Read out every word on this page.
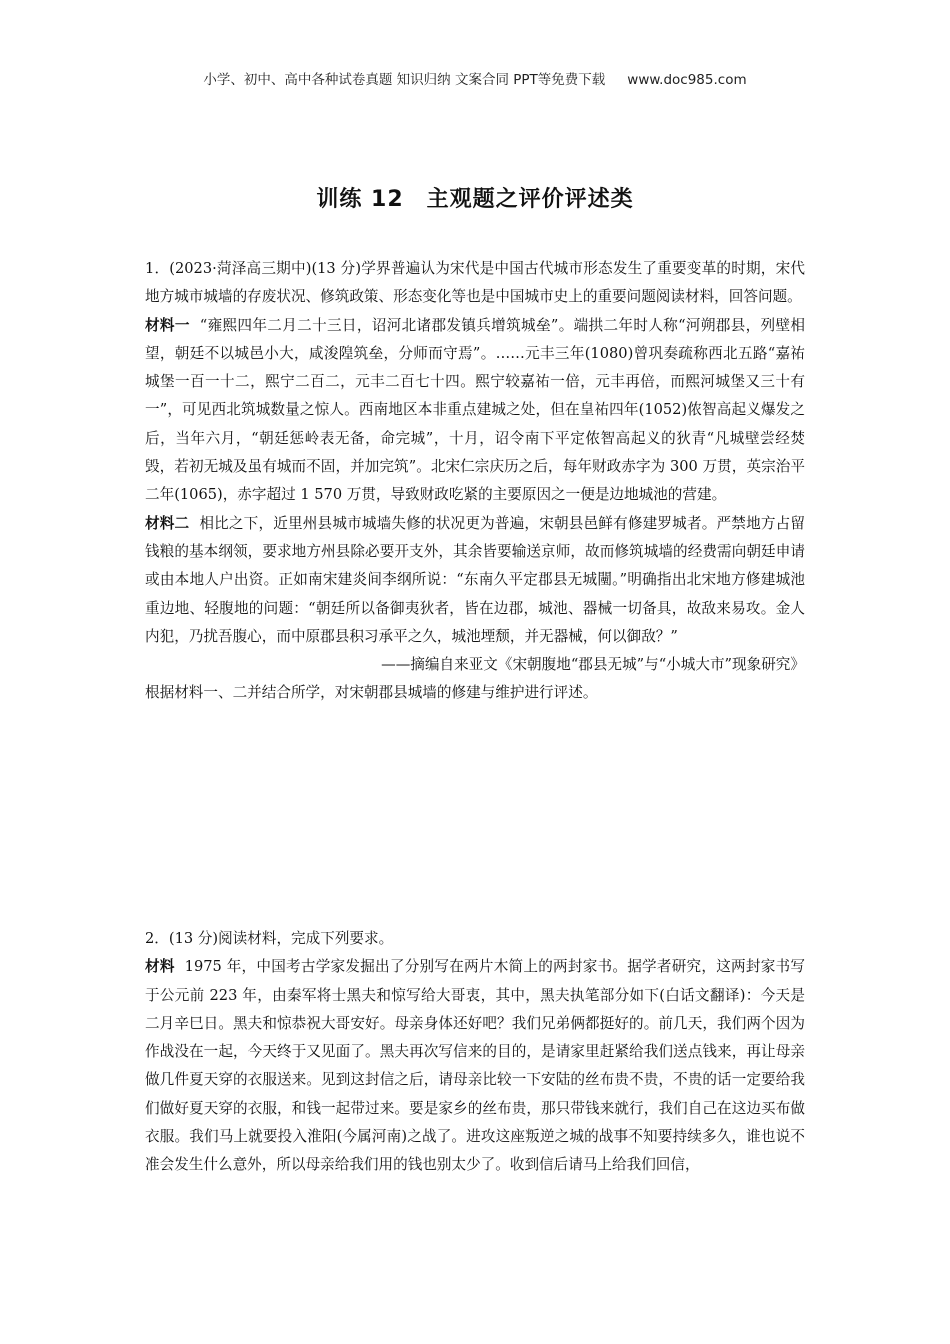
小学、初中、高中各种试卷真题 知识归纳 文案合同 PPT等免费下载 www.doc985.com
训练 12　主观题之评价评述类

1．(2023·菏泽高三期中)(13 分)学界普遍认为宋代是中国古代城市形态发生了重要变革的时期，宋代地方城市城墙的存废状况、修筑政策、形态变化等也是中国城市史上的重要问题阅读材料，回答问题。

材料一 “雍熙四年二月二十三日，诏河北诸郡发镇兵增筑城垒”。端拱二年时人称“河朔郡县，列壁相望，朝廷不以城邑小大，咸浚隍筑垒，分师而守焉”。……元丰三年(1080)曾巩奏疏称西北五路“嘉祐城堡一百一十二，熙宁二百二，元丰二百七十四。熙宁较嘉祐一倍，元丰再倍，而熙河城堡又三十有一”，可见西北筑城数量之惊人。西南地区本非重点建城之处，但在皇祐四年(1052)侬智高起义爆发之后，当年六月，“朝廷惩岭表无备，命完城”，十月，诏令南下平定侬智高起义的狄青“凡城壁尝经焚毁，若初无城及虽有城而不固，并加完筑”。北宋仁宗庆历之后，每年财政赤字为 300 万贯，英宗治平二年(1065)，赤字超过 1 570 万贯，导致财政吃紧的主要原因之一便是边地城池的营建。

材料二 相比之下，近里州县城市城墙失修的状况更为普遍，宋朝县邑鲜有修建罗城者。严禁地方占留钱粮的基本纲领，要求地方州县除必要开支外，其余皆要输送京师，故而修筑城墙的经费需向朝廷申请或由本地人户出资。正如南宋建炎间李纲所说：“东南久平定郡县无城闉。”明确指出北宋地方修建城池重边地、轻腹地的问题：“朝廷所以备御夷狄者，皆在边郡，城池、器械一切备具，故敌来易攻。金人内犯，乃扰吾腹心，而中原郡县积习承平之久，城池堙颓，并无器械，何以御敌？”

——摘编自来亚文《宋朝腹地“郡县无城”与“小城大市”现象研究》

根据材料一、二并结合所学，对宋朝郡县城墙的修建与维护进行评述。

2．(13 分)阅读材料，完成下列要求。

材料 1975 年，中国考古学家发掘出了分别写在两片木简上的两封家书。据学者研究，这两封家书写于公元前 223 年，由秦军将士黑夫和惊写给大哥衷，其中，黑夫执笔部分如下(白话文翻译)：今天是二月辛巳日。黑夫和惊恭祝大哥安好。母亲身体还好吧？我们兄弟俩都挺好的。前几天，我们两个因为作战没在一起，今天终于又见面了。黑夫再次写信来的目的，是请家里赶紧给我们送点钱来，再让母亲做几件夏天穿的衣服送来。见到这封信之后，请母亲比较一下安陆的丝布贵不贵，不贵的话一定要给我们做好夏天穿的衣服，和钱一起带过来。要是家乡的丝布贵，那只带钱来就行，我们自己在这边买布做衣服。我们马上就要投入淮阳(今属河南)之战了。进攻这座叛逆之城的战事不知要持续多久，谁也说不准会发生什么意外，所以母亲给我们用的钱也别太少了。收到信后请马上给我们回信，
